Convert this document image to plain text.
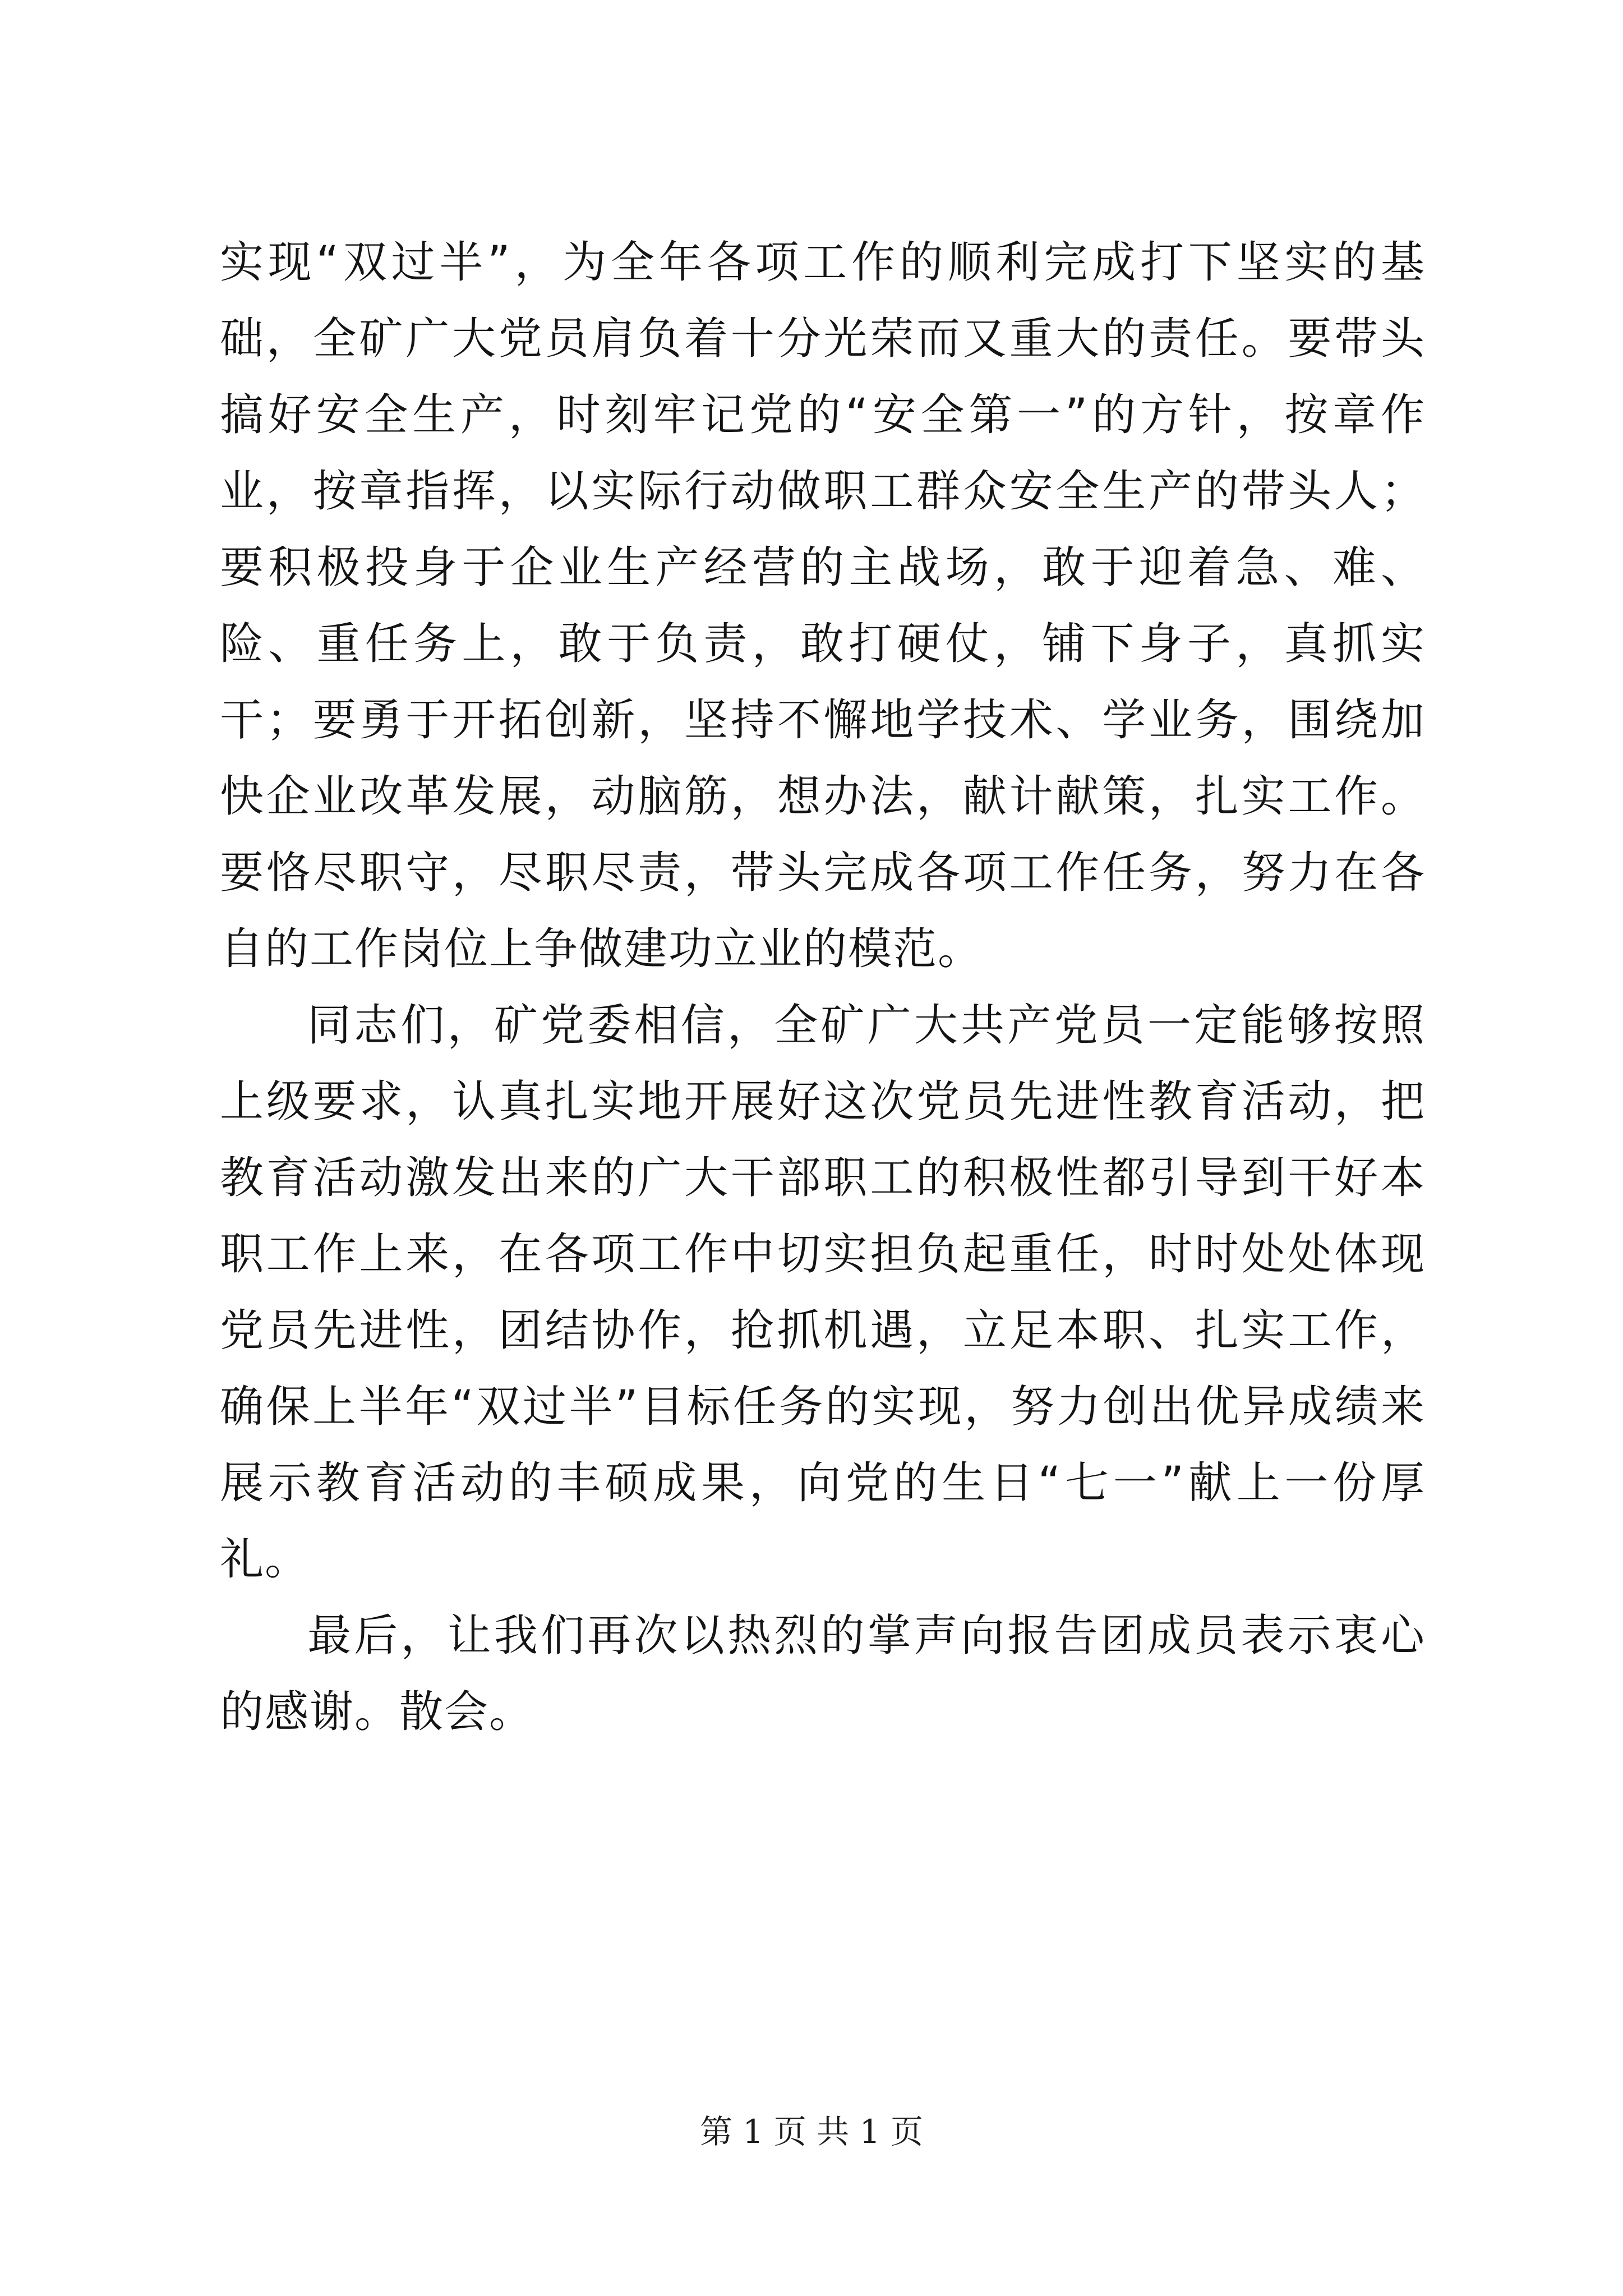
实现“双过半”，为全年各项工作的顺利完成打下坚实的基础，全矿广大党员肩负着十分光荣而又重大的责任。要带头搞好安全生产，时刻牢记党的“安全第一”的方针，按章作业，按章指挥，以实际行动做职工群众安全生产的带头人；要积极投身于企业生产经营的主战场，敢于迎着急、难、险、重任务上，敢于负责，敢打硬仗，铺下身子，真抓实干；要勇于开拓创新，坚持不懈地学技术、学业务，围绕加快企业改革发展，动脑筋，想办法，献计献策，扎实工作。要恪尽职守，尽职尽责，带头完成各项工作任务，努力在各自的工作岗位上争做建功立业的模范。

同志们，矿党委相信，全矿广大共产党员一定能够按照上级要求，认真扎实地开展好这次党员先进性教育活动，把教育活动激发出来的广大干部职工的积极性都引导到干好本职工作上来，在各项工作中切实担负起重任，时时处处体现党员先进性，团结协作，抢抓机遇，立足本职、扎实工作，确保上半年“双过半”目标任务的实现，努力创出优异成绩来展示教育活动的丰硕成果，向党的生日“七一”献上一份厚礼。

最后，让我们再次以热烈的掌声向报告团成员表示衷心的感谢。散会。

第 1 页 共 1 页
